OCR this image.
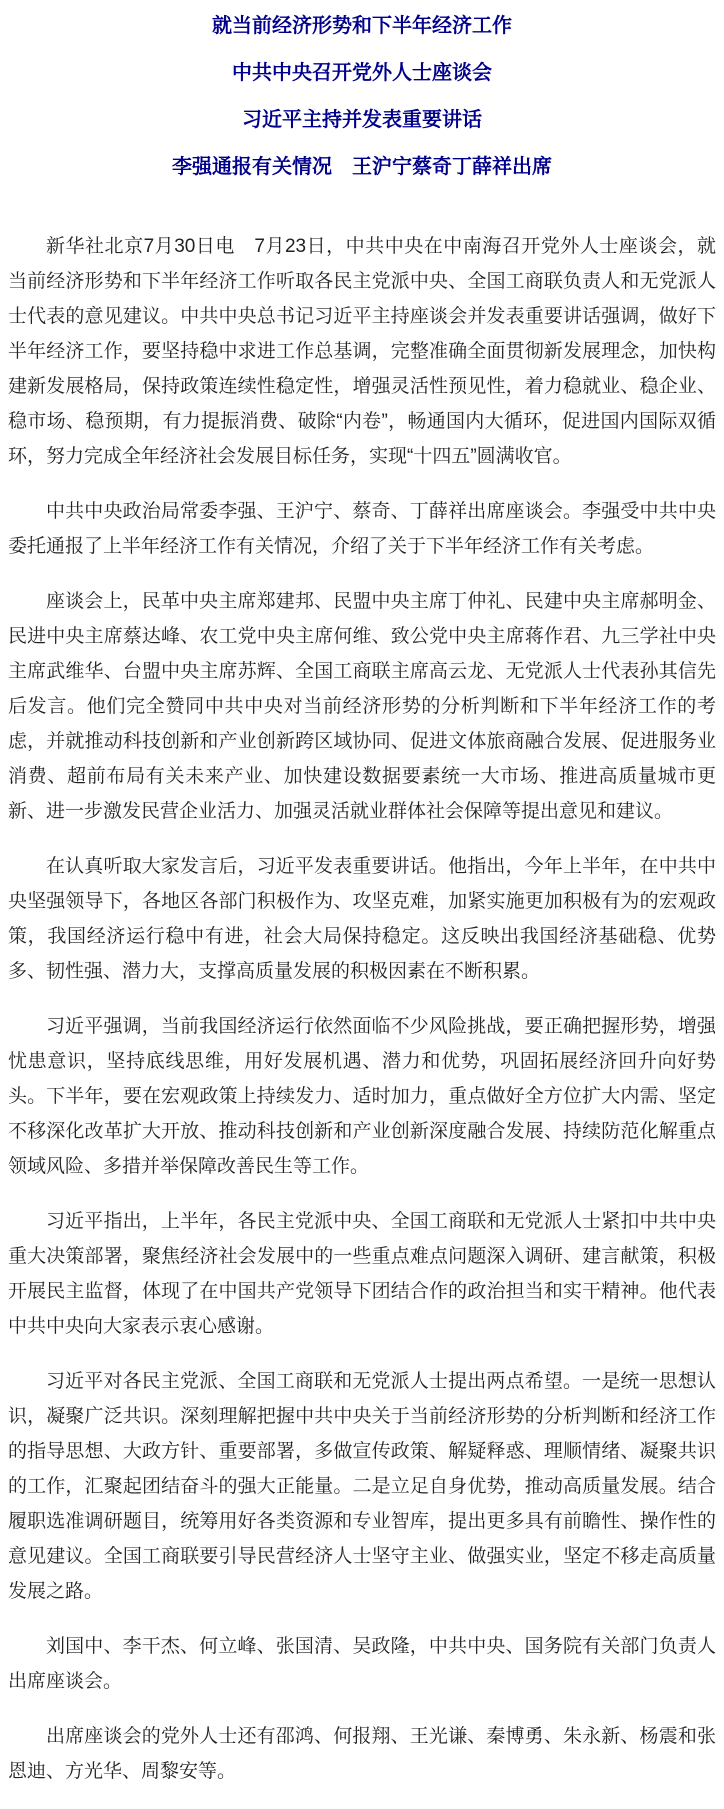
就当前经济形势和下半年经济工作
中共中央召开党外人士座谈会
习近平主持并发表重要讲话
李强通报有关情况　王沪宁蔡奇丁薛祥出席

新华社北京7月30日电　7月23日，中共中央在中南海召开党外人士座谈会，就当前经济形势和下半年经济工作听取各民主党派中央、全国工商联负责人和无党派人士代表的意见建议。中共中央总书记习近平主持座谈会并发表重要讲话强调，做好下半年经济工作，要坚持稳中求进工作总基调，完整准确全面贯彻新发展理念，加快构建新发展格局，保持政策连续性稳定性，增强灵活性预见性，着力稳就业、稳企业、稳市场、稳预期，有力提振消费、破除“内卷”，畅通国内大循环，促进国内国际双循环，努力完成全年经济社会发展目标任务，实现“十四五”圆满收官。

中共中央政治局常委李强、王沪宁、蔡奇、丁薛祥出席座谈会。李强受中共中央委托通报了上半年经济工作有关情况，介绍了关于下半年经济工作有关考虑。

座谈会上，民革中央主席郑建邦、民盟中央主席丁仲礼、民建中央主席郝明金、民进中央主席蔡达峰、农工党中央主席何维、致公党中央主席蒋作君、九三学社中央主席武维华、台盟中央主席苏辉、全国工商联主席高云龙、无党派人士代表孙其信先后发言。他们完全赞同中共中央对当前经济形势的分析判断和下半年经济工作的考虑，并就推动科技创新和产业创新跨区域协同、促进文体旅商融合发展、促进服务业消费、超前布局有关未来产业、加快建设数据要素统一大市场、推进高质量城市更新、进一步激发民营企业活力、加强灵活就业群体社会保障等提出意见和建议。

在认真听取大家发言后，习近平发表重要讲话。他指出，今年上半年，在中共中央坚强领导下，各地区各部门积极作为、攻坚克难，加紧实施更加积极有为的宏观政策，我国经济运行稳中有进，社会大局保持稳定。这反映出我国经济基础稳、优势多、韧性强、潜力大，支撑高质量发展的积极因素在不断积累。

习近平强调，当前我国经济运行依然面临不少风险挑战，要正确把握形势，增强忧患意识，坚持底线思维，用好发展机遇、潜力和优势，巩固拓展经济回升向好势头。下半年，要在宏观政策上持续发力、适时加力，重点做好全方位扩大内需、坚定不移深化改革扩大开放、推动科技创新和产业创新深度融合发展、持续防范化解重点领域风险、多措并举保障改善民生等工作。

习近平指出，上半年，各民主党派中央、全国工商联和无党派人士紧扣中共中央重大决策部署，聚焦经济社会发展中的一些重点难点问题深入调研、建言献策，积极开展民主监督，体现了在中国共产党领导下团结合作的政治担当和实干精神。他代表中共中央向大家表示衷心感谢。

习近平对各民主党派、全国工商联和无党派人士提出两点希望。一是统一思想认识，凝聚广泛共识。深刻理解把握中共中央关于当前经济形势的分析判断和经济工作的指导思想、大政方针、重要部署，多做宣传政策、解疑释惑、理顺情绪、凝聚共识的工作，汇聚起团结奋斗的强大正能量。二是立足自身优势，推动高质量发展。结合履职选准调研题目，统筹用好各类资源和专业智库，提出更多具有前瞻性、操作性的意见建议。全国工商联要引导民营经济人士坚守主业、做强实业，坚定不移走高质量发展之路。

刘国中、李干杰、何立峰、张国清、吴政隆，中共中央、国务院有关部门负责人出席座谈会。

出席座谈会的党外人士还有邵鸿、何报翔、王光谦、秦博勇、朱永新、杨震和张恩迪、方光华、周黎安等。
